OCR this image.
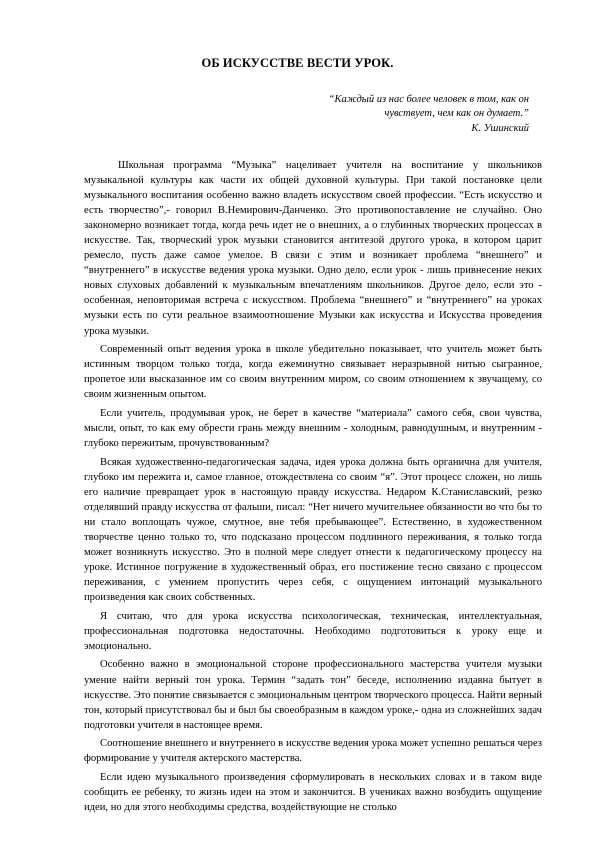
ОБ ИСКУССТВЕ ВЕСТИ УРОК.
“Каждый из нас более человек в том, как он
чувствует, чем как он думает.”
К. Ушинский

Школьная программа “Музыка” нацеливает учителя на воспитание у школьников музыкальной культуры как части их общей духовной культуры. При такой постановке цели музыкального воспитания особенно важно владеть искусством своей профессии. “Есть искусство и есть творчество”,- говорил В.Немирович-Данченко. Это противопоставление не случайно. Оно закономерно возникает тогда, когда речь идет не о внешних, а о глубинных творческих процессах в искусстве. Так, творческий урок музыки становится антитезой другого урока, в котором царит ремесло, пусть даже самое умелое. В связи с этим и возникает проблема “внешнего” и “внутреннего” в искусстве ведения урока музыки. Одно дело, если урок - лишь привнесение неких новых слуховых добавлений к музыкальным впечатлениям школьников. Другое дело, если это - особенная, неповторимая встреча с искусством. Проблема “внешнего” и “внутреннего” на уроках музыки есть по сути реальное взаимоотношение Музыки как искусства и Искусства проведения урока музыки.

Современный опыт ведения урока в школе убедительно показывает, что учитель может быть истинным творцом только тогда, когда ежеминутно связывает неразрывной нитью сыгранное, пропетое или высказанное им со своим внутренним миром, со своим отношением к звучащему, со своим жизненным опытом.

Если учитель, продумывая урок, не берет в качестве “материала” самого себя, свои чувства, мысли, опыт, то как ему обрести грань между внешним - холодным, равнодушным, и внутренним - глубоко пережитым, прочувствованным?

Всякая художественно-педагогическая задача, идея урока должна быть органична для учителя, глубоко им пережита и, самое главное, отождествлена со своим “я”. Этот процесс сложен, но лишь его наличие превращает урок в настоящую правду искусства. Недаром К.Станиславский, резко отделявший правду искусства от фальши, писал: “Нет ничего мучительнее обязанности во что бы то ни стало воплощать чужое, смутное, вне тебя пребывающее”. Естественно, в художественном творчестве ценно только то, что подсказано процессом подлинного переживания, я только тогда может возникнуть искусство. Это в полной мере следует отнести к педагогическому процессу на уроке. Истинное погружение в художественный образ, его постижение тесно связано с процессом переживания, с умением пропустить через себя, с ощущением интонаций музыкального произведения как своих собственных.

Я считаю, что для урока искусства психологическая, техническая, интеллектуальная, профессиональная подготовка недостаточны. Необходимо подготовиться к уроку еще и эмоционально.

Особенно важно в эмоциональной стороне профессионального мастерства учителя музыки умение найти верный тон урока. Термин “задать тон” беседе, исполнению издавна бытует в искусстве. Это понятие связывается с эмоциональным центром творческого процесса. Найти верный тон, который присутствовал бы и был бы своеобразным в каждом уроке,- одна из сложнейших задач подготовки учителя в настоящее время.

Соотношение внешнего и внутреннего в искусстве ведения урока может успешно решаться через формирование у учителя актерского мастерства.

Если идею музыкального произведения сформулировать в нескольких словах и в таком виде сообщить ее ребенку, то жизнь идеи на этом и закончится. В учениках важно возбудить ощущение идеи, но для этого необходимы средства, воздействующие не столько
